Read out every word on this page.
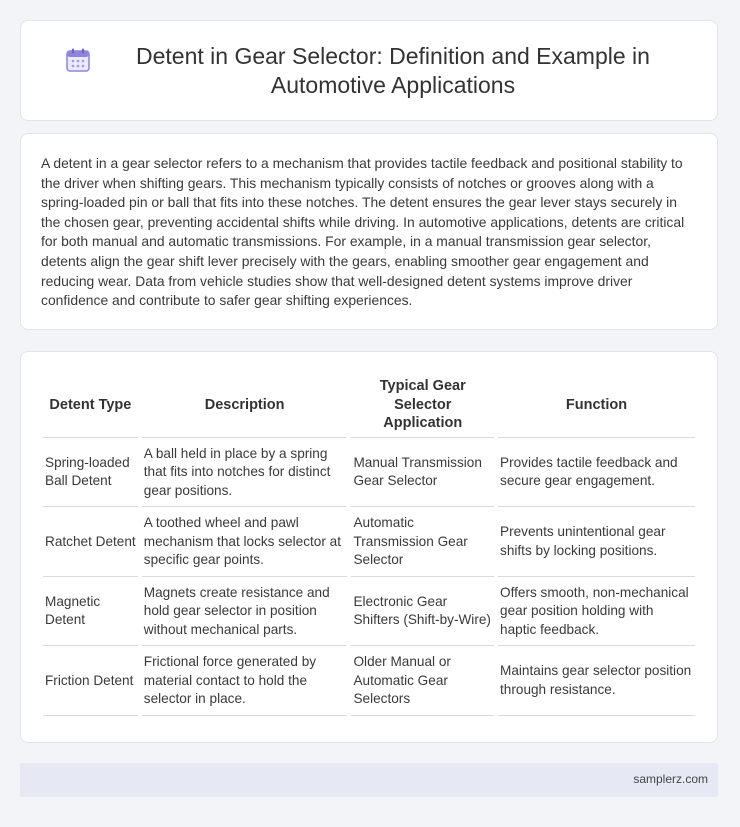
Detent in Gear Selector: Definition and Example in Automotive Applications

A detent in a gear selector refers to a mechanism that provides tactile feedback and positional stability to the driver when shifting gears. This mechanism typically consists of notches or grooves along with a spring-loaded pin or ball that fits into these notches. The detent ensures the gear lever stays securely in the chosen gear, preventing accidental shifts while driving. In automotive applications, detents are critical for both manual and automatic transmissions. For example, in a manual transmission gear selector, detents align the gear shift lever precisely with the gears, enabling smoother gear engagement and reducing wear. Data from vehicle studies show that well-designed detent systems improve driver confidence and contribute to safer gear shifting experiences.

Detent Type	Description	Typical Gear Selector Application	Function
Spring-loaded Ball Detent	A ball held in place by a spring that fits into notches for distinct gear positions.	Manual Transmission Gear Selector	Provides tactile feedback and secure gear engagement.
Ratchet Detent	A toothed wheel and pawl mechanism that locks selector at specific gear points.	Automatic Transmission Gear Selector	Prevents unintentional gear shifts by locking positions.
Magnetic Detent	Magnets create resistance and hold gear selector in position without mechanical parts.	Electronic Gear Shifters (Shift-by-Wire)	Offers smooth, non-mechanical gear position holding with haptic feedback.
Friction Detent	Frictional force generated by material contact to hold the selector in place.	Older Manual or Automatic Gear Selectors	Maintains gear selector position through resistance.
samplerz.com
